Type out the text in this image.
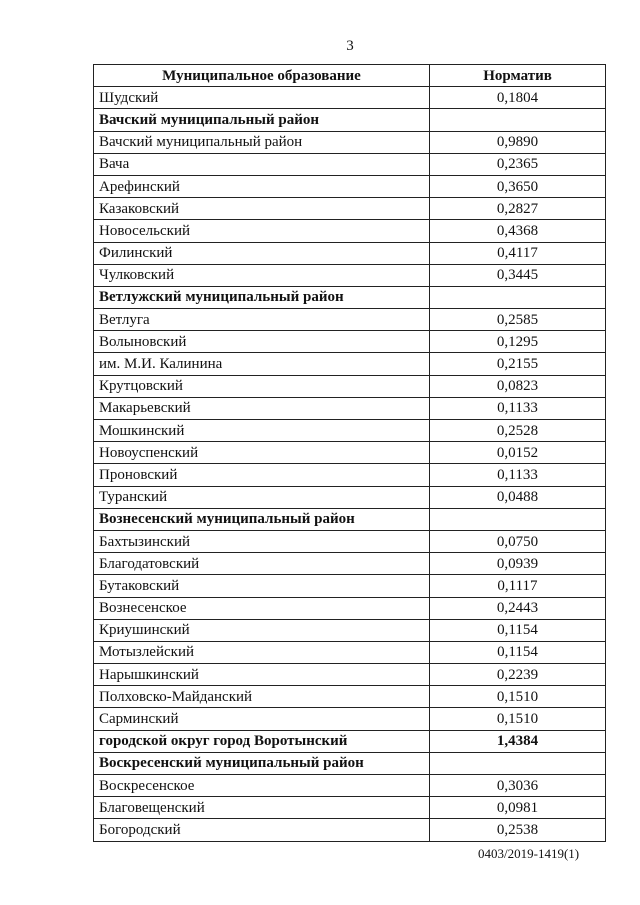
3
Муниципальное образование	Норматив
Шудский	0,1804
Вачский муниципальный район	
Вачский муниципальный район	0,9890
Вача	0,2365
Арефинский	0,3650
Казаковский	0,2827
Новосельский	0,4368
Филинский	0,4117
Чулковский	0,3445
Ветлужский муниципальный район	
Ветлуга	0,2585
Волыновский	0,1295
им. М.И. Калинина	0,2155
Крутцовский	0,0823
Макарьевский	0,1133
Мошкинский	0,2528
Новоуспенский	0,0152
Проновский	0,1133
Туранский	0,0488
Вознесенский муниципальный район	
Бахтызинский	0,0750
Благодатовский	0,0939
Бутаковский	0,1117
Вознесенское	0,2443
Криушинский	0,1154
Мотызлейский	0,1154
Нарышкинский	0,2239
Полховско-Майданский	0,1510
Сарминский	0,1510
городской округ город Воротынский	1,4384
Воскресенский муниципальный район	
Воскресенское	0,3036
Благовещенский	0,0981
Богородский	0,2538
0403/2019-1419(1)
